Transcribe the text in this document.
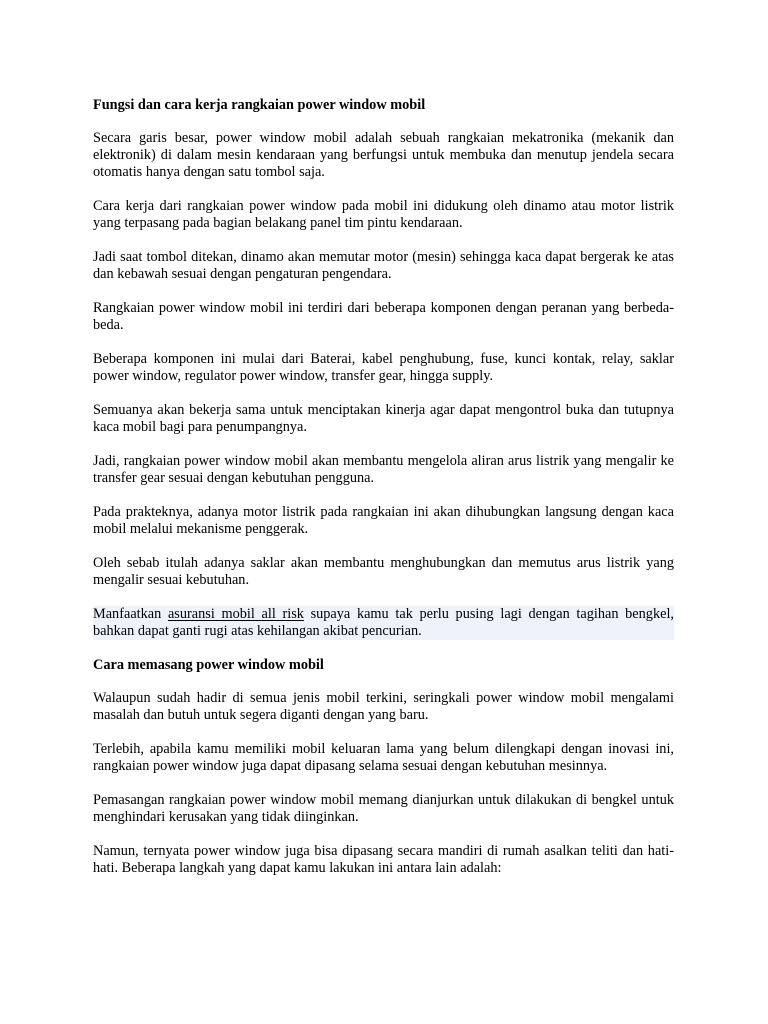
Fungsi dan cara kerja rangkaian power window mobil

Secara garis besar, power window mobil adalah sebuah rangkaian mekatronika (mekanik dan elektronik) di dalam mesin kendaraan yang berfungsi untuk membuka dan menutup jendela secara otomatis hanya dengan satu tombol saja.

Cara kerja dari rangkaian power window pada mobil ini didukung oleh dinamo atau motor listrik yang terpasang pada bagian belakang panel tim pintu kendaraan.

Jadi saat tombol ditekan, dinamo akan memutar motor (mesin) sehingga kaca dapat bergerak ke atas dan kebawah sesuai dengan pengaturan pengendara.

Rangkaian power window mobil ini terdiri dari beberapa komponen dengan peranan yang berbeda-beda.

Beberapa komponen ini mulai dari Baterai, kabel penghubung, fuse, kunci kontak, relay, saklar power window, regulator power window, transfer gear, hingga supply.

Semuanya akan bekerja sama untuk menciptakan kinerja agar dapat mengontrol buka dan tutupnya kaca mobil bagi para penumpangnya.

Jadi, rangkaian power window mobil akan membantu mengelola aliran arus listrik yang mengalir ke transfer gear sesuai dengan kebutuhan pengguna.

Pada prakteknya, adanya motor listrik pada rangkaian ini akan dihubungkan langsung dengan kaca mobil melalui mekanisme penggerak.

Oleh sebab itulah adanya saklar akan membantu menghubungkan dan memutus arus listrik yang mengalir sesuai kebutuhan.

Manfaatkan asuransi mobil all risk supaya kamu tak perlu pusing lagi dengan tagihan bengkel, bahkan dapat ganti rugi atas kehilangan akibat pencurian.

Cara memasang power window mobil

Walaupun sudah hadir di semua jenis mobil terkini, seringkali power window mobil mengalami masalah dan butuh untuk segera diganti dengan yang baru.

Terlebih, apabila kamu memiliki mobil keluaran lama yang belum dilengkapi dengan inovasi ini, rangkaian power window juga dapat dipasang selama sesuai dengan kebutuhan mesinnya.

Pemasangan rangkaian power window mobil memang dianjurkan untuk dilakukan di bengkel untuk menghindari kerusakan yang tidak diinginkan.

Namun, ternyata power window juga bisa dipasang secara mandiri di rumah asalkan teliti dan hati-hati. Beberapa langkah yang dapat kamu lakukan ini antara lain adalah:
